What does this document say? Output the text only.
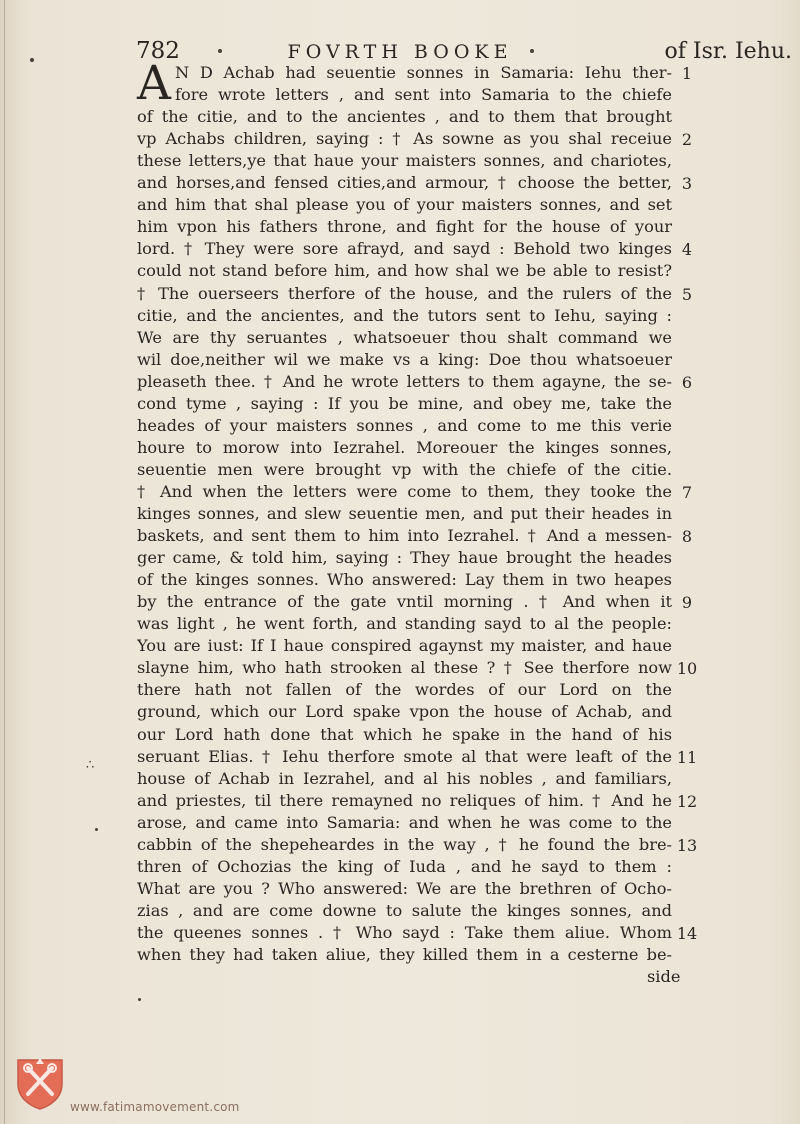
782	FOVRTH BOOKE	of Isr. Iehu.
A N D Achab had seuentie sonnes in Samaria: Iehu ther-
fore wrote letters , and sent into Samaria to the chiefe
of the citie, and to the ancientes , and to them that brought
vp Achabs children, saying : † As sowne as you shal receiue
these letters,ye that haue your maisters sonnes, and chariotes,
and horses,and fensed cities,and armour, † choose the better,
and him that shal please you of your maisters sonnes, and set
him vpon his fathers throne, and fight for the house of your
lord. † They were sore afrayd, and sayd : Behold two kinges
could not stand before him, and how shal we be able to resist?
† The ouerseers therfore of the house, and the rulers of the
citie, and the ancientes, and the tutors sent to Iehu, saying :
We are thy seruantes , whatsoeuer thou shalt command we
wil doe,neither wil we make vs a king: Doe thou whatsoeuer
pleaseth thee. † And he wrote letters to them agayne, the se-
cond tyme , saying : If you be mine, and obey me, take the
heades of your maisters sonnes , and come to me this verie
houre to morow into Iezrahel. Moreouer the kinges sonnes,
seuentie men were brought vp with the chiefe of the citie.
† And when the letters were come to them, they tooke the
kinges sonnes, and slew seuentie men, and put their heades in
baskets, and sent them to him into Iezrahel. † And a messen-
ger came, & told him, saying : They haue brought the heades
of the kinges sonnes. Who answered: Lay them in two heapes
by the entrance of the gate vntil morning . † And when it
was light , he went forth, and standing sayd to al the people:
You are iust: If I haue conspired agaynst my maister, and haue
slayne him, who hath strooken al these ? † See therfore now
there hath not fallen of the wordes of our Lord on the
ground, which our Lord spake vpon the house of Achab, and
our Lord hath done that which he spake in the hand of his
seruant Elias. † Iehu therfore smote al that were leaft of the
house of Achab in Iezrahel, and al his nobles , and familiars,
and priestes, til there remayned no reliques of him. † And he
arose, and came into Samaria: and when he was come to the
cabbin of the shepeheardes in the way , † he found the bre-
thren of Ochozias the king of Iuda , and he sayd to them :
What are you ? Who answered: We are the brethren of Ocho-
zias , and are come downe to salute the kinges sonnes, and
the queenes sonnes . † Who sayd : Take them aliue. Whom
when they had taken aliue, they killed them in a cesterne be-
side
1
2
3
4
5
6
7
8
9
10
11
12
13
14
∴
www.fatimamovement.com
